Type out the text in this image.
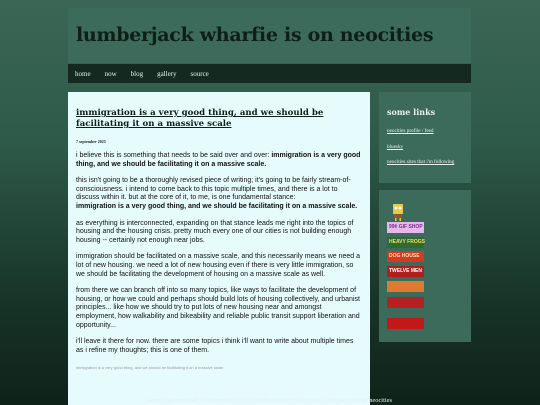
lumberjack wharfie is on neocities
home now blog gallery source
immigration is a very good thing, and we should be facilitating it on a massive scale
7 september 2025
i believe this is something that needs to be said over and over: immigration is a very good thing, and we should be facilitating it on a massive scale.
this isn't going to be a thoroughly revised piece of writing; it's going to be fairly stream-of-consciousness. i intend to come back to this topic multiple times, and there is a lot to discuss within it. but at the core of it, to me, is one fundamental stance:
immigration is a very good thing, and we should be facilitating it on a massive scale.
as everything is interconnected, expanding on that stance leads me right into the topics of housing and the housing crisis. pretty much every one of our cities is not building enough housing -- certainly not enough near jobs.
immigration should be facilitated on a massive scale, and this necessarily means we need a lot of new housing. we need a lot of new housing even if there is very little immigration, so we should be facilitating the development of housing on a massive scale as well.
from there we can branch off into so many topics, like ways to facilitate the development of housing, or how we could and perhaps should build lots of housing collectively, and urbanist principles... like how we should try to put lots of new housing near and amongst employment, how walkability and bikeability and reliable public transit support liberation and opportunity...
i'll leave it there for now. there are some topics i think i'll want to write about multiple times as i refine my thoughts; this is one of them.
immigration is a very good thing, and we should be facilitating it on a massive scale
some links
neocities profile / feed
bluesky
neocities sites that i'm following
99¢ GIF SHOP
HEAVY FROGS
DOG HOUSE
TWELVE MEN
layout last updated: 7 September 2025 | wharfiecontact@yahoo.com | site powered by neocities
